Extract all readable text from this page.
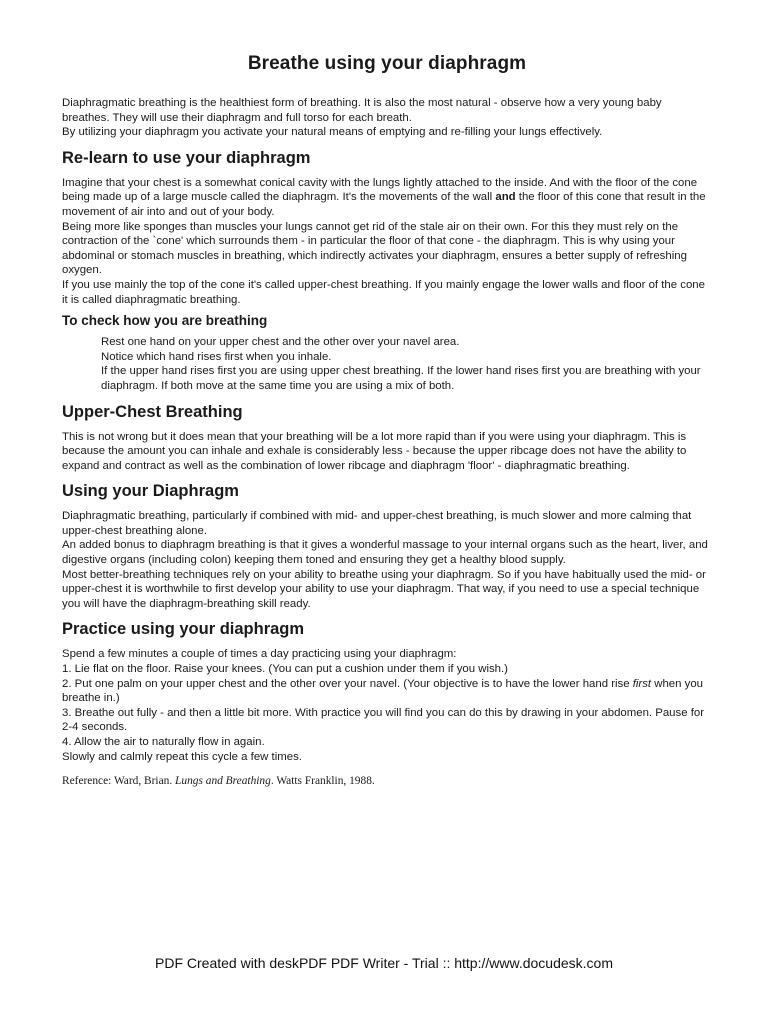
Breathe using your diaphragm

Diaphragmatic breathing is the healthiest form of breathing. It is also the most natural - observe how a very young baby breathes. They will use their diaphragm and full torso for each breath.

By utilizing your diaphragm you activate your natural means of emptying and re-filling your lungs effectively.

Re-learn to use your diaphragm

Imagine that your chest is a somewhat conical cavity with the lungs lightly attached to the inside. And with the floor of the cone being made up of a large muscle called the diaphragm. It's the movements of the wall and the floor of this cone that result in the movement of air into and out of your body.

Being more like sponges than muscles your lungs cannot get rid of the stale air on their own. For this they must rely on the contraction of the `cone' which surrounds them - in particular the floor of that cone - the diaphragm. This is why using your abdominal or stomach muscles in breathing, which indirectly activates your diaphragm, ensures a better supply of refreshing oxygen.

If you use mainly the top of the cone it's called upper-chest breathing. If you mainly engage the lower walls and floor of the cone it is called diaphragmatic breathing.

To check how you are breathing

Rest one hand on your upper chest and the other over your navel area.

Notice which hand rises first when you inhale.

If the upper hand rises first you are using upper chest breathing. If the lower hand rises first you are breathing with your diaphragm. If both move at the same time you are using a mix of both.

Upper-Chest Breathing

This is not wrong but it does mean that your breathing will be a lot more rapid than if you were using your diaphragm. This is because the amount you can inhale and exhale is considerably less - because the upper ribcage does not have the ability to expand and contract as well as the combination of lower ribcage and diaphragm 'floor' - diaphragmatic breathing.

Using your Diaphragm

Diaphragmatic breathing, particularly if combined with mid- and upper-chest breathing, is much slower and more calming that upper-chest breathing alone.

An added bonus to diaphragm breathing is that it gives a wonderful massage to your internal organs such as the heart, liver, and digestive organs (including colon) keeping them toned and ensuring they get a healthy blood supply.

Most better-breathing techniques rely on your ability to breathe using your diaphragm. So if you have habitually used the mid- or upper-chest it is worthwhile to first develop your ability to use your diaphragm. That way, if you need to use a special technique you will have the diaphragm-breathing skill ready.

Practice using your diaphragm

Spend a few minutes a couple of times a day practicing using your diaphragm:

1. Lie flat on the floor. Raise your knees. (You can put a cushion under them if you wish.)

2. Put one palm on your upper chest and the other over your navel. (Your objective is to have the lower hand rise first when you breathe in.)

3. Breathe out fully - and then a little bit more. With practice you will find you can do this by drawing in your abdomen. Pause for 2-4 seconds.

4. Allow the air to naturally flow in again.

Slowly and calmly repeat this cycle a few times.

Reference: Ward, Brian. Lungs and Breathing. Watts Franklin, 1988.

PDF Created with deskPDF PDF Writer - Trial :: http://www.docudesk.com
